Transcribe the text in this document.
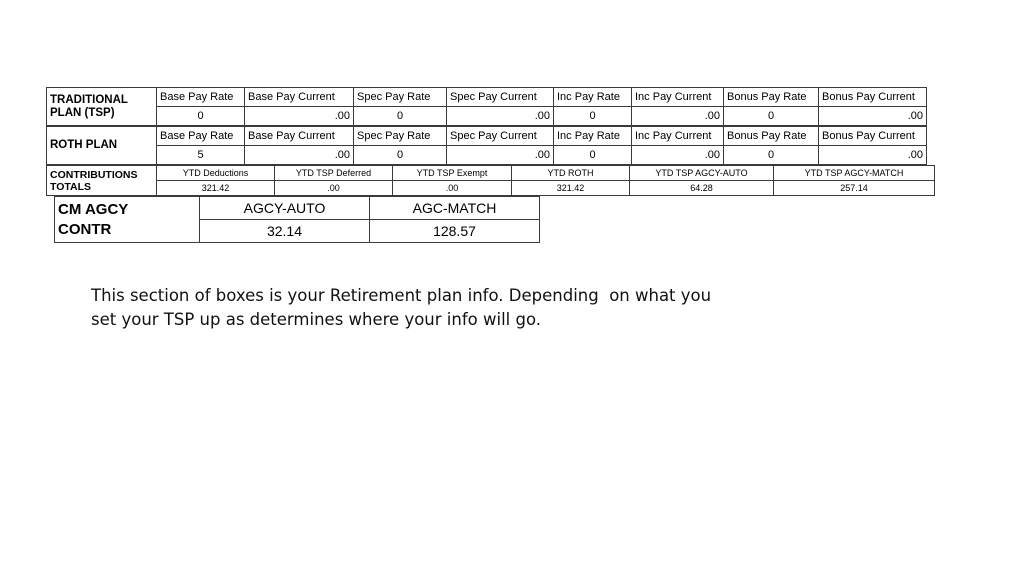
TRADITIONAL
PLAN (TSP)	Base Pay Rate	Base Pay Current	Spec Pay Rate	Spec Pay Current	Inc Pay Rate	Inc Pay Current	Bonus Pay Rate	Bonus Pay Current
	0	.00	0	.00	0	.00	0	.00
ROTH PLAN	Base Pay Rate	Base Pay Current	Spec Pay Rate	Spec Pay Current	Inc Pay Rate	Inc Pay Current	Bonus Pay Rate	Bonus Pay Current
	5	.00	0	.00	0	.00	0	.00
CONTRIBUTIONS
TOTALS	YTD Deductions	YTD TSP Deferred	YTD TSP Exempt	YTD ROTH	YTD TSP AGCY-AUTO	YTD TSP AGCY-MATCH
	321.42	.00	.00	321.42	64.28	257.14
CM AGCY
CONTR	AGCY-AUTO	AGC-MATCH
	32.14	128.57
This section of boxes is your Retirement plan info. Depending  on what you
set your TSP up as determines where your info will go.
